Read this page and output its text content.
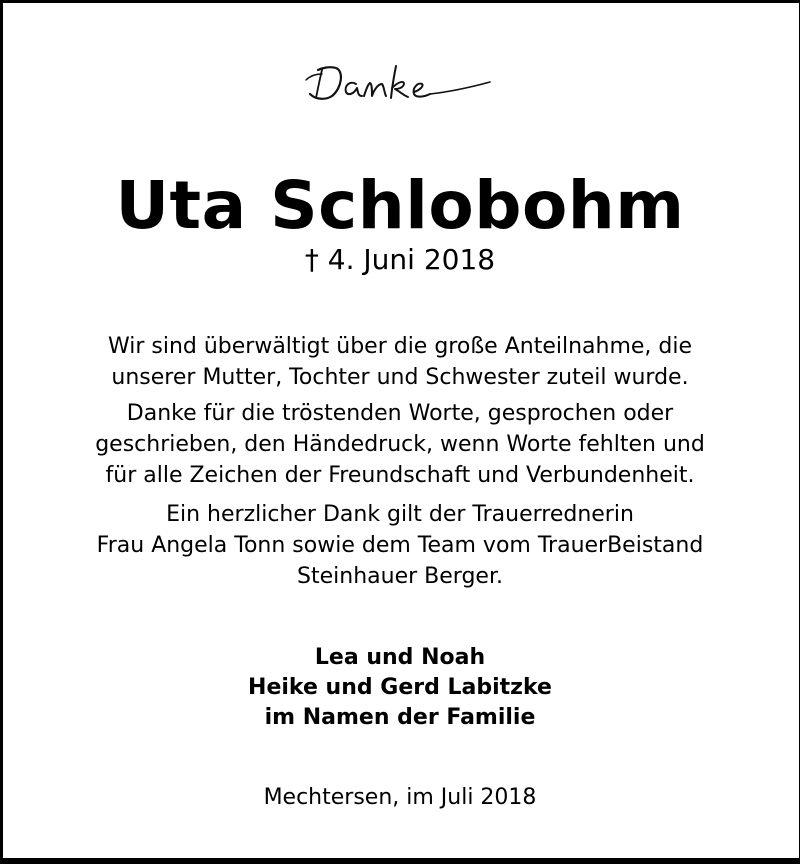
Uta Schlobohm
† 4. Juni 2018
Wir sind überwältigt über die große Anteilnahme, die
unserer Mutter, Tochter und Schwester zuteil wurde.
Danke für die tröstenden Worte, gesprochen oder
geschrieben, den Händedruck, wenn Worte fehlten und
für alle Zeichen der Freundschaft und Verbundenheit.
Ein herzlicher Dank gilt der Trauerrednerin
Frau Angela Tonn sowie dem Team vom TrauerBeistand
Steinhauer Berger.
Lea und Noah
Heike und Gerd Labitzke
im Namen der Familie
Mechtersen, im Juli 2018
